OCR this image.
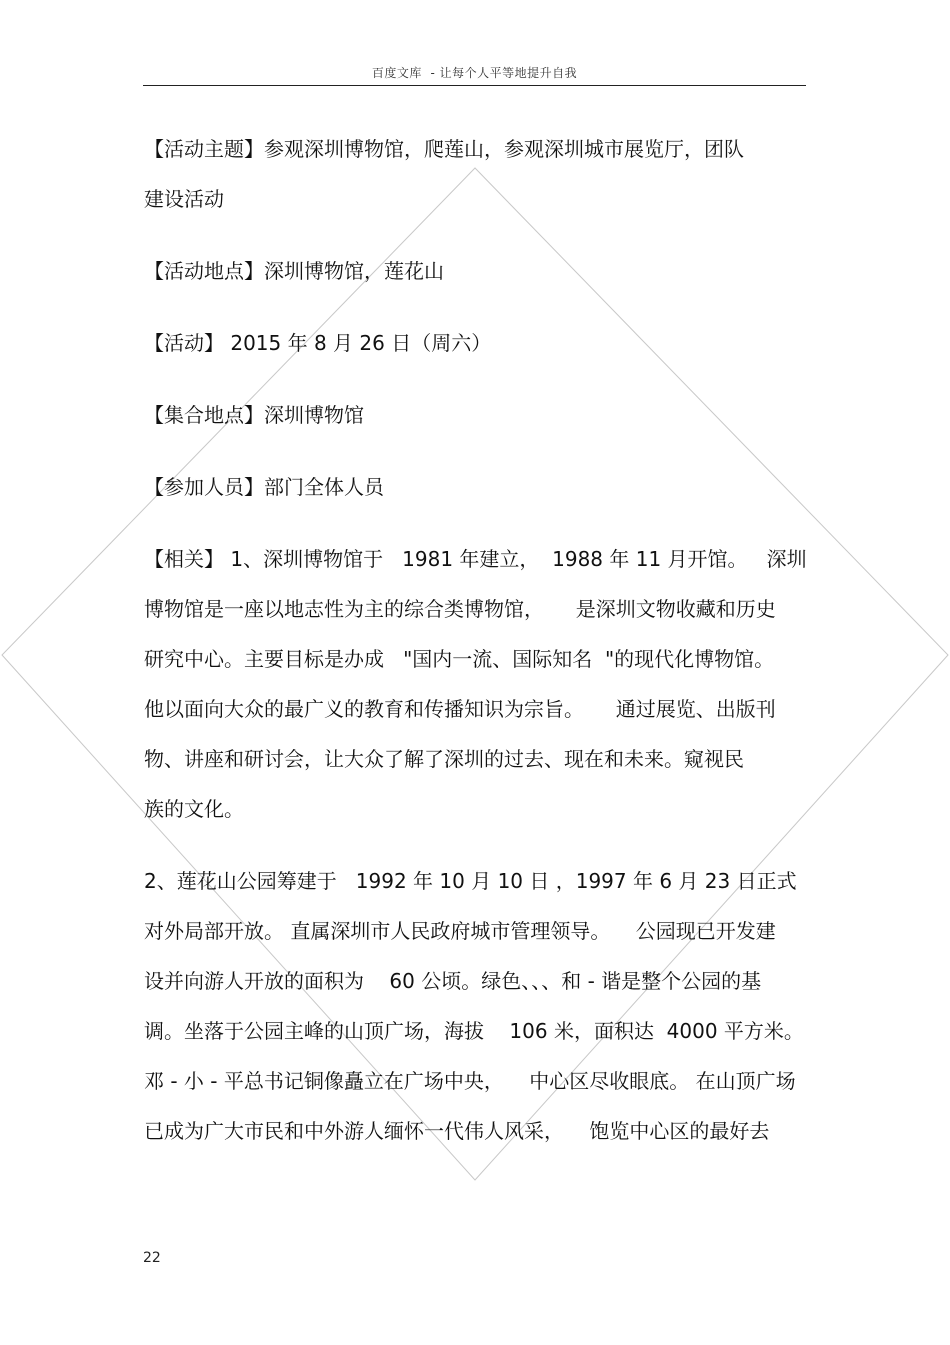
百度文库  - 让每个人平等地提升自我
【活动主题】参观深圳博物馆，爬莲山，参观深圳城市展览厅，团队
建设活动
【活动地点】深圳博物馆，莲花山
【活动】 2015 年 8 月 26 日（周六）
【集合地点】深圳博物馆
【参加人员】部门全体人员
【相关】 1、深圳博物馆于   1981 年建立，  1988 年 11 月开馆。   深圳
博物馆是一座以地志性为主的综合类博物馆，     是深圳文物收藏和历史
研究中心。主要目标是办成   "国内一流、国际知名  "的现代化博物馆。
他以面向大众的最广义的教育和传播知识为宗旨。     通过展览、出版刊
物、讲座和研讨会，让大众了解了深圳的过去、现在和未来。窥视民
族的文化。
2、莲花山公园筹建于   1992 年 10 月 10 日 ，1997 年 6 月 23 日正式
对外局部开放。 直属深圳市人民政府城市管理领导。    公园现已开发建
设并向游人开放的面积为    60 公顷。绿色、、、和 - 谐是整个公园的基
调。坐落于公园主峰的山顶广场，海拔    106 米，面积达  4000 平方米。
邓 - 小 - 平总书记铜像矗立在广场中央，    中心区尽收眼底。 在山顶广场
已成为广大市民和中外游人缅怀一代伟人风采，    饱览中心区的最好去
22
